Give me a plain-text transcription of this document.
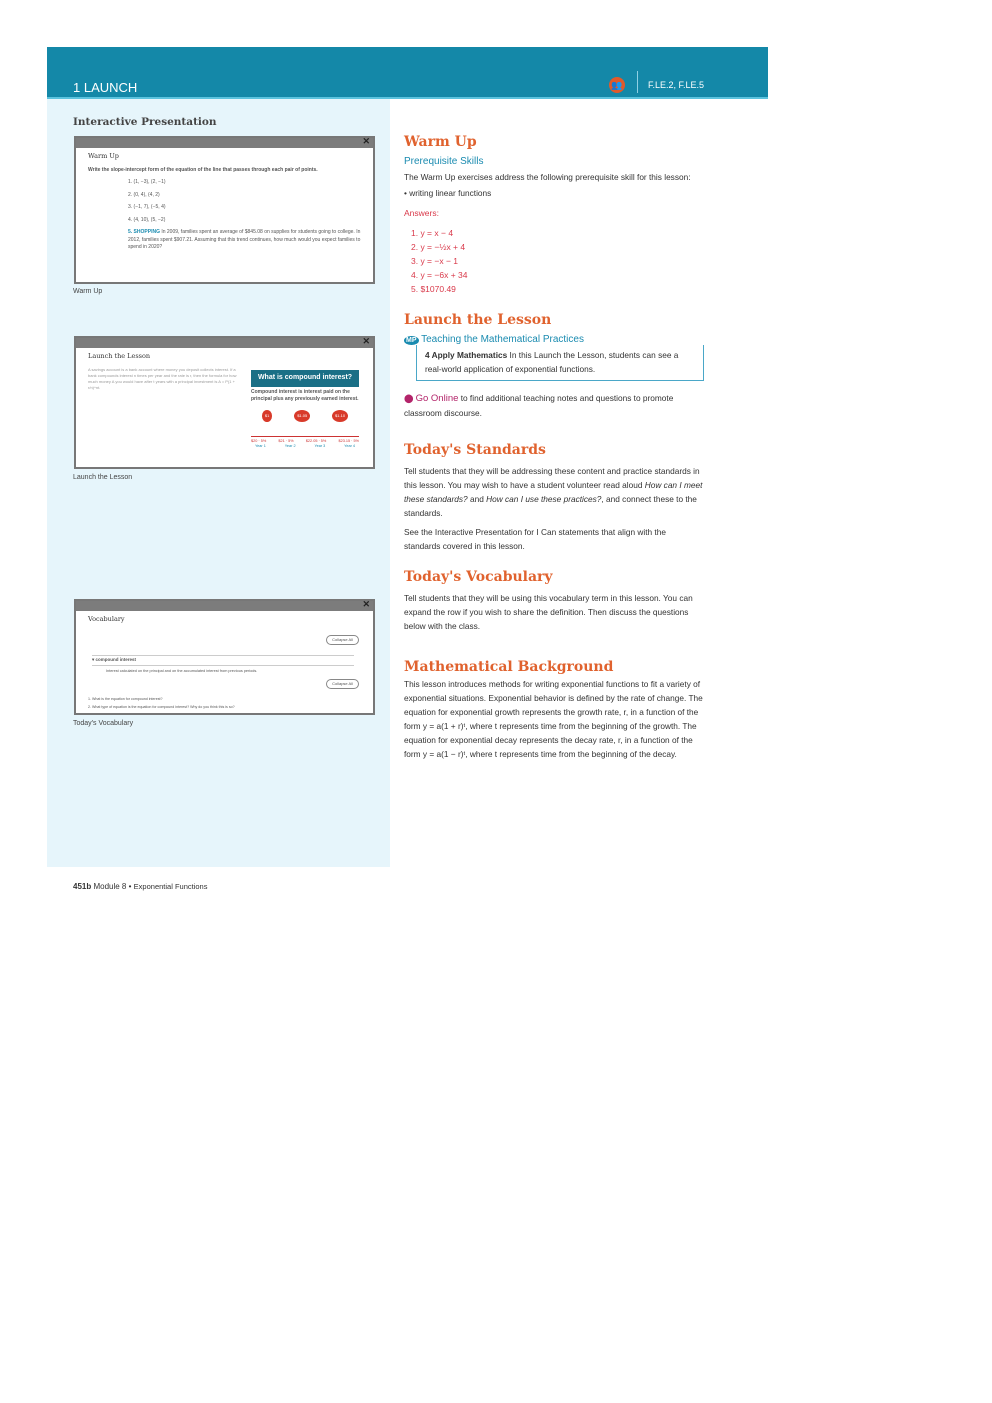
1 LAUNCH	👥	F.LE.2, F.LE.5
Interactive Presentation
✕
Warm Up
Write the slope-intercept form of the equation of the line that passes through each pair of points.
1. (1, −3), (2, −1)
2. (0, 4), (4, 2)
3. (−1, 7), (−5, 4)
4. (4, 10), (5, −2)
5. SHOPPING In 2009, families spent an average of $845.08 on supplies for students going to college. In 2012, families spent $907.21. Assuming that this trend continues, how much would you expect families to spend in 2020?
Warm Up
✕
Launch the Lesson
A savings account is a bank account where money you deposit collects interest. If a bank compounds interest n times per year and the rate is r, then the formula for how much money A you would have after t years with a principal investment is A = P(1 + r/n)^nt.
What is compound interest?
Compound interest is interest paid on the principal plus any previously earned interest.
$1	$1.05	$1.10
$20 · 5%	$21 · 5%	$22.05 · 5%	$23.15 · 5%
Year 1	Year 2	Year 3	Year 4
Launch the Lesson
✕
Vocabulary
Collapse All
▾ compound interest
Interest calculated on the principal and on the accumulated interest from previous periods.
Collapse All
1. What is the equation for compound interest?
2. What type of equation is the equation for compound interest? Why do you think this is so?
Today's Vocabulary
Warm Up
Prerequisite Skills
The Warm Up exercises address the following prerequisite skill for this lesson:
• writing linear functions
Answers:
1. y = x − 4
2. y = −½x + 4
3. y = −x − 1
4. y = −6x + 34
5. $1070.49
Launch the Lesson
MP Teaching the Mathematical Practices
4 Apply Mathematics In this Launch the Lesson, students can see a real-world application of exponential functions.
⬤ Go Online to find additional teaching notes and questions to promote classroom discourse.
Today's Standards
Tell students that they will be addressing these content and practice standards in this lesson. You may wish to have a student volunteer read aloud How can I meet these standards? and How can I use these practices?, and connect these to the standards.
See the Interactive Presentation for I Can statements that align with the standards covered in this lesson.
Today's Vocabulary
Tell students that they will be using this vocabulary term in this lesson. You can expand the row if you wish to share the definition. Then discuss the questions below with the class.
Mathematical Background
This lesson introduces methods for writing exponential functions to fit a variety of exponential situations. Exponential behavior is defined by the rate of change. The equation for exponential growth represents the growth rate, r, in a function of the form y = a(1 + r)ᵗ, where t represents time from the beginning of the growth. The equation for exponential decay represents the decay rate, r, in a function of the form y = a(1 − r)ᵗ, where t represents time from the beginning of the decay.
451b Module 8 • Exponential Functions
